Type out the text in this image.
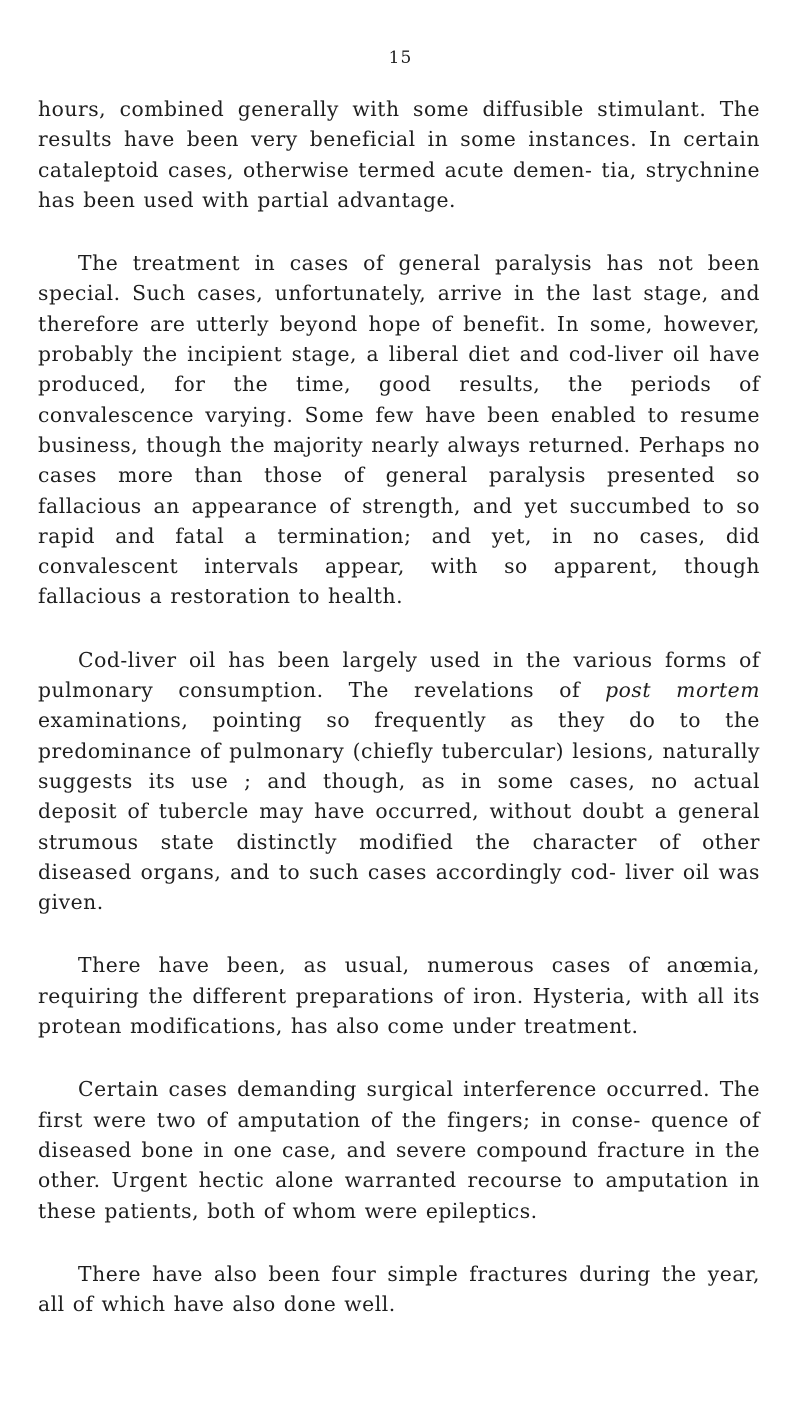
15

hours, combined generally with some diffusible stimulant. The results have been very beneficial in some instances. In certain cataleptoid cases, otherwise termed acute demen- tia, strychnine has been used with partial advantage.

The treatment in cases of general paralysis has not been special. Such cases, unfortunately, arrive in the last stage, and therefore are utterly beyond hope of benefit. In some, however, probably the incipient stage, a liberal diet and cod-liver oil have produced, for the time, good results, the periods of convalescence varying. Some few have been enabled to resume business, though the majority nearly always returned. Perhaps no cases more than those of general paralysis presented so fallacious an appearance of strength, and yet succumbed to so rapid and fatal a termination; and yet, in no cases, did convalescent intervals appear, with so apparent, though fallacious a restoration to health.

Cod-liver oil has been largely used in the various forms of pulmonary consumption. The revelations of post mortem examinations, pointing so frequently as they do to the predominance of pulmonary (chiefly tubercular) lesions, naturally suggests its use ; and though, as in some cases, no actual deposit of tubercle may have occurred, without doubt a general strumous state distinctly modified the character of other diseased organs, and to such cases accordingly cod- liver oil was given.

There have been, as usual, numerous cases of anœmia, requiring the different preparations of iron. Hysteria, with all its protean modifications, has also come under treatment.

Certain cases demanding surgical interference occurred. The first were two of amputation of the fingers; in conse- quence of diseased bone in one case, and severe compound fracture in the other. Urgent hectic alone warranted recourse to amputation in these patients, both of whom were epileptics.

There have also been four simple fractures during the year, all of which have also done well.
